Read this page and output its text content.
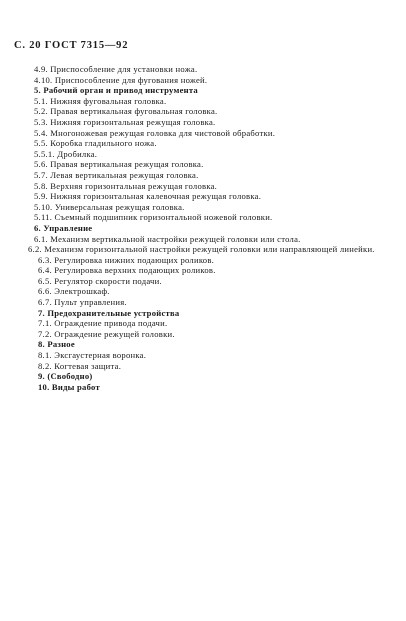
С. 20 ГОСТ 7315—92
4.9. Приспособление для установки ножа.
4.10. Приспособление для фугования ножей.
5. Рабочий орган и привод инструмента
5.1. Нижняя фуговальная головка.
5.2. Правая вертикальная фуговальная головка.
5.3. Нижняя горизонтальная режущая головка.
5.4. Многоножевая режущая головка для чистовой обработки.
5.5. Коробка гладильного ножа.
5.5.1. Дробилка.
5.6. Правая вертикальная режущая головка.
5.7. Левая вертикальная режущая головка.
5.8. Верхняя горизонтальная режущая головка.
5.9. Нижняя горизонтальная калевочная режущая головка.
5.10. Универсальная режущая головка.
5.11. Съемный подшипник горизонтальной ножевой головки.
6. Управление
6.1. Механизм вертикальной настройки режущей головки или стола.
6.2. Механизм горизонтальной настройки режущей головки или направляющей линейки.
6.3. Регулировка нижних подающих роликов.
6.4. Регулировка верхних подающих роликов.
6.5. Регулятор скорости подачи.
6.6. Электрошкаф.
6.7. Пульт управления.
7. Предохранительные устройства
7.1. Ограждение привода подачи.
7.2. Ограждение режущей головки.
8. Разное
8.1. Эксгаустерная воронка.
8.2. Когтевая защита.
9. (Свободно)
10. Виды работ
